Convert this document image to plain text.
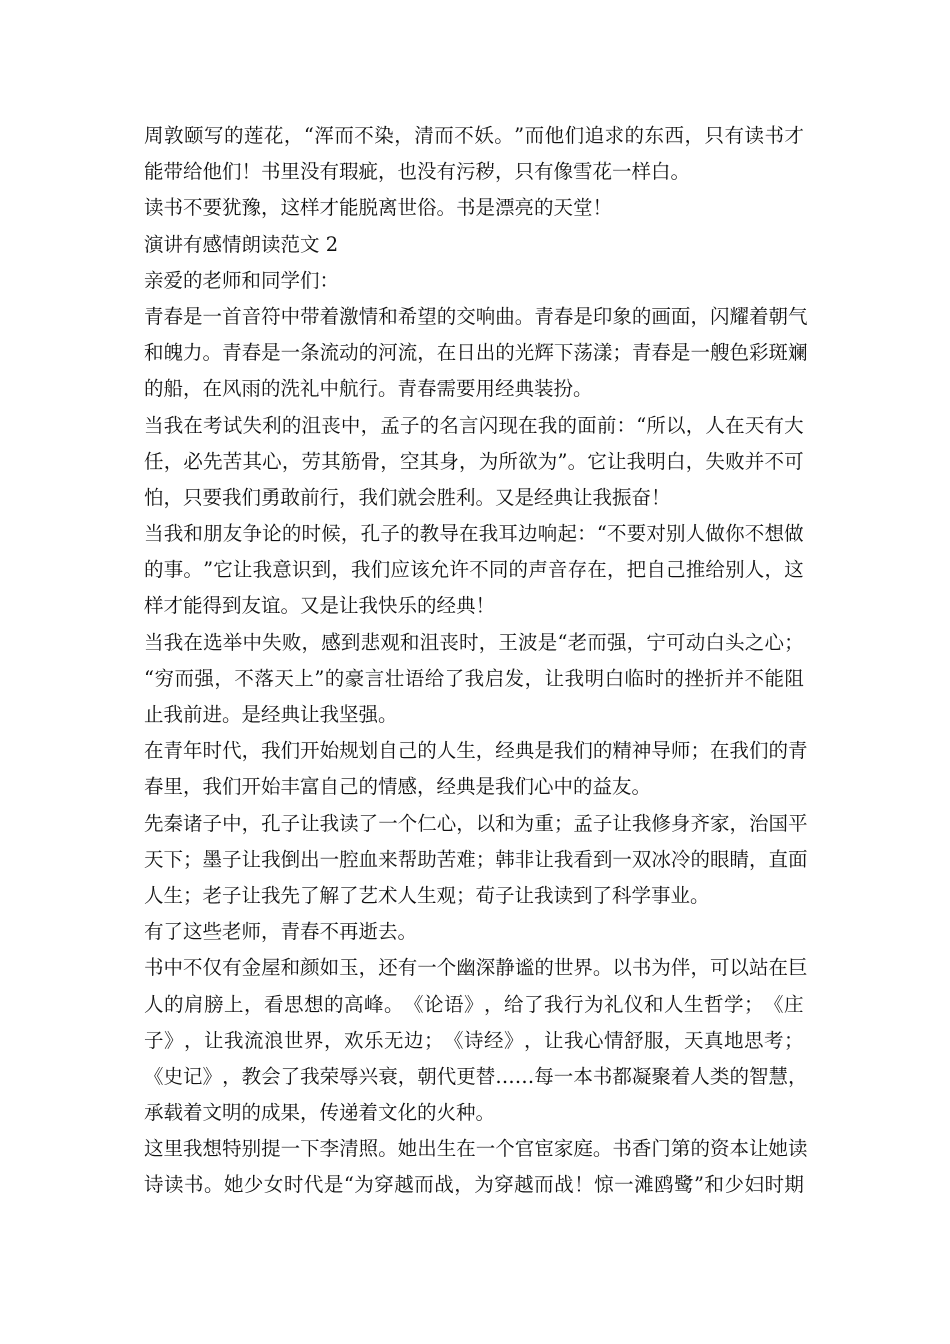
周 敦 颐 写 的 莲 花 ， “ 浑 而 不 染 ， 清 而 不 妖 。 ” 而 他 们 追 求 的 东 西 ， 只 有 读 书 才
能带给他们！书里没有瑕疵，也没有污秽，只有像雪花一样白。
读书不要犹豫，这样才能脱离世俗。书是漂亮的天堂！
演讲有感情朗读范文 2
亲爱的老师和同学们：
青 春 是 一 首 音 符 中 带 着 激 情 和 希 望 的 交 响 曲 。 青 春 是 印 象 的 画 面 ， 闪 耀 着 朝 气
和 魄 力 。 青 春 是 一 条 流 动 的 河 流 ， 在 日 出 的 光 辉 下 荡 漾 ； 青 春 是 一 艘 色 彩 斑 斓
的船，在风雨的洗礼中航行。青春需要用经典装扮。
当 我 在 考 试 失 利 的 沮 丧 中 ， 孟 子 的 名 言 闪 现 在 我 的 面 前 ： “ 所 以 ， 人 在 天 有 大
任 ， 必 先 苦 其 心 ， 劳 其 筋 骨 ， 空 其 身 ， 为 所 欲 为 ” 。 它 让 我 明 白 ， 失 败 并 不 可
怕，只要我们勇敢前行，我们就会胜利。又是经典让我振奋！
当 我 和 朋 友 争 论 的 时 候 ， 孔 子 的 教 导 在 我 耳 边 响 起 ： “ 不 要 对 别 人 做 你 不 想 做
的 事 。 ” 它 让 我 意 识 到 ， 我 们 应 该 允 许 不 同 的 声 音 存 在 ， 把 自 己 推 给 别 人 ， 这
样才能得到友谊。又是让我快乐的经典！
当 我 在 选 举 中 失 败 ， 感 到 悲 观 和 沮 丧 时 ， 王 波 是 “ 老 而 强 ， 宁 可 动 白 头 之 心 ；
“ 穷 而 强 ， 不 落 天 上 ” 的 豪 言 壮 语 给 了 我 启 发 ， 让 我 明 白 临 时 的 挫 折 并 不 能 阻
止我前进。是经典让我坚强。
在 青 年 时 代 ， 我 们 开 始 规 划 自 己 的 人 生 ， 经 典 是 我 们 的 精 神 导 师 ； 在 我 们 的 青
春里，我们开始丰富自己的情感，经典是我们心中的益友。
先 秦 诸 子 中 ， 孔 子 让 我 读 了 一 个 仁 心 ， 以 和 为 重 ； 孟 子 让 我 修 身 齐 家 ， 治 国 平
天 下 ； 墨 子 让 我 倒 出 一 腔 血 来 帮 助 苦 难 ； 韩 非 让 我 看 到 一 双 冰 冷 的 眼 睛 ， 直 面
人生；老子让我先了解了艺术人生观；荀子让我读到了科学事业。
有了这些老师，青春不再逝去。
书 中 不 仅 有 金 屋 和 颜 如 玉 ， 还 有 一 个 幽 深 静 谧 的 世 界 。 以 书 为 伴 ， 可 以 站 在 巨
人 的 肩 膀 上 ， 看 思 想 的 高 峰 。 《 论 语 》 ， 给 了 我 行 为 礼 仪 和 人 生 哲 学 ； 《 庄
子 》 ， 让 我 流 浪 世 界 ， 欢 乐 无 边 ； 《 诗 经 》 ， 让 我 心 情 舒 服 ， 天 真 地 思 考 ；
《 史 记 》 ， 教 会 了 我 荣 辱 兴 衰 ， 朝 代 更 替 … … 每 一 本 书 都 凝 聚 着 人 类 的 智 慧 ，
承载着文明的成果，传递着文化的火种。
这 里 我 想 特 别 提 一 下 李 清 照 。 她 出 生 在 一 个 官 宦 家 庭 。 书 香 门 第 的 资 本 让 她 读
诗 读 书 。 她 少 女 时 代 是 “ 为 穿 越 而 战 ， 为 穿 越 而 战 ！ 惊 一 滩 鸥 鹭 ” 和 少 妇 时 期
